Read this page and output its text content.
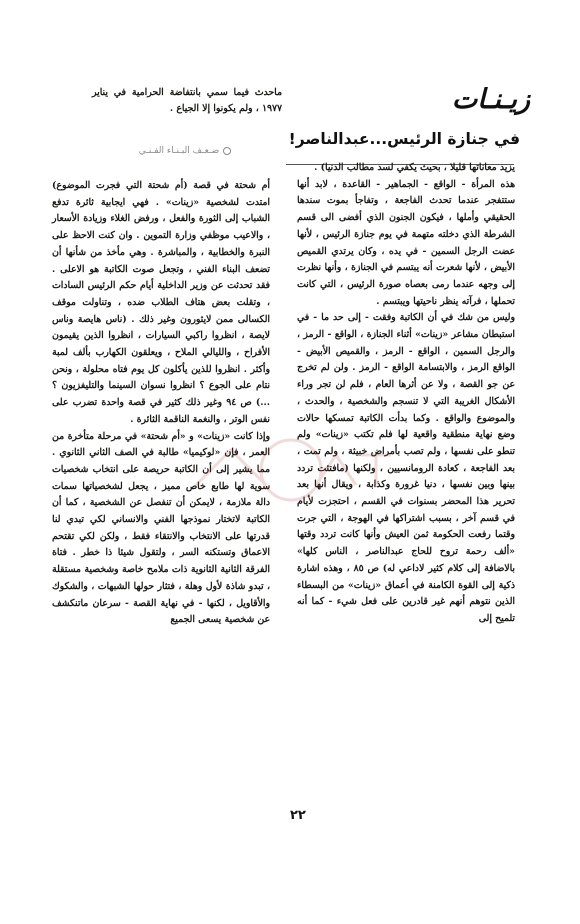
ماحدث فيما سمي بانتفاضة الحرامية في يناير ١٩٧٧ ، ولم يكونوا إلا الجياع .	زيـنـات
في جنازة الرئيس...عبدالناصر!
ضـعـف البـنـاء الفـنـي

يزيد معاناتها قليلا ، بحيث يكفي لسد مطالب الدنيا) .

هذه المرأة - الواقع - الجماهير - القاعدة ، لابد أنها ستتفجر عندما تحدث الفاجعة ، وتفاجأ بموت سندها الحقيقي وأملها ، فيكون الجنون الذي أفضى الى قسم الشرطة الذي دخلته متهمة في يوم جنازة الرئيس ، لأنها عضت الرجل السمين - في يده ، وكان يرتدي القميص الأبيض ، لأنها شعرت أنه يبتسم في الجنازة ، وأنها نظرت إلى وجهه عندما رمى بعصاه صورة الرئيس ، التي كانت تحملها ، فرآته ينظر ناحيتها ويبتسم .

وليس من شك في أن الكاتبة وفقت - إلى حد ما - في استبطان مشاعر «زينات» أثناء الجنازة ، الواقع - الرمز ، والرجل السمين ، الواقع - الرمز ، والقميص الأبيض - الواقع الرمز ، والابتسامة الواقع - الرمز . ولن لم تخرج عن جو القصة ، ولا عن أثرها العام ، فلم لن تجر وراء الأشكال الغريبة التي لا تنسجم والشخصية ، والحدث ، والموضوع والواقع . وكما بدأت الكاتبة تمسكها حالات وضع نهاية منطقية واقعية لها فلم تكتب «زينات» ولم تنطو على نفسها ، ولم تصب بأمراض خبيثة ، ولم تمت ، بعد الفاجعة ، كعادة الرومانسيين ، ولكنها (مافتئت تردد بينها وبين نفسها ، دنيا غرورة وكذابة ، ويقال أنها بعد تحرير هذا المحضر بسنوات في القسم ، احتجزت لأيام في قسم آخر ، بسبب اشتراكها في الهوجة ، التي جرت وقتما رفعت الحكومة ثمن العيش وأنها كانت تردد وقتها «ألف رحمة تروح للحاج عبدالناصر ، الناس كلها» بالاضافة إلى كلام كثير لاداعي له) ص ٨٥ ، وهذه اشارة ذكية إلى القوة الكامنة في أعماق «زينات» من البسطاء الذين نتوهم أنهم غير قادرين على فعل شيء - كما أنه تلميح إلى

أم شحتة في قصة (أم شحتة التي فجرت الموضوع) امتدت لشخصية «زينات» . فهي ايجابية ثائرة تدفع الشباب إلى الثورة والفعل ، ورفض الغلاء وزيادة الأسعار ، والاعيب موظفي وزارة التموين . وان كنت الاحظ على النبرة والخطابية ، والمباشرة . وهي مأخذ من شأنها أن تضعف البناء الفني ، وتجعل صوت الكاتبة هو الاعلى . فقد تحدثت عن وزير الداخلية أيام حكم الرئيس السادات ، وتقلت بعض هتاف الطلاب ضده ، وتناولت موقف الكسالى ممن لايثورون وغير ذلك . (ناس هايصة وناس لايصة ، انظروا راكبي السيارات ، انظروا الذين يقيمون الأفراح ، والليالي الملاح ، ويعلقون الكهارب بألف لمبة وأكثر . انظروا للذين يأكلون كل يوم فتاه محلولة ، ونحن نتام على الجوع ؟ انظروا نسوان السينما والتليفزيون ؟ ...) ص ٩٤ وغير ذلك كثير في قصة واحدة تضرب على نفس الوتر ، والنغمة الناقمة الثائرة .

وإذا كانت «زينات» و «أم شحتة» في مرحلة متأخرة من العمر ، فإن «لوكيميا» طالبة في الصف الثاني الثانوي . مما يشير إلى أن الكاتبة حريصة على انتخاب شخصيات سوية لها طابع خاص مميز ، يجعل لشخصياتها سمات دالة ملازمة ، لايمكن أن تنفصل عن الشخصية ، كما أن الكاتبة لاتختار نموذجها الفني والانساني لكي تبدي لنا قدرتها على الانتخاب والانتقاء فقط ، ولكن لكي تقتحم الاعماق وتستكنه السر ، ولتقول شيئا ذا خطر . فتاة الفرقة الثانية الثانوية ذات ملامح خاصة وشخصية مستقلة ، تبدو شاذة لأول وهلة ، فتثار حولها الشبهات ، والشكوك والأقاويل ، لكنها - في نهاية القصة - سرعان ماتنكشف عن شخصية يسعى الجميع

٢٢
